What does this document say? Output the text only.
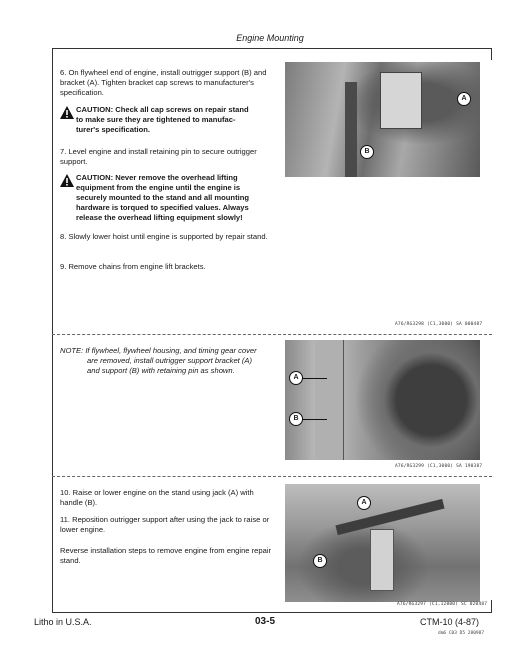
Engine Mounting

6. On flywheel end of engine, install outrigger support (B) and bracket (A). Tighten bracket cap screws to manufacturer's specification.

CAUTION: Check all cap screws on repair stand
to make sure they are tightened to manufac-
turer's specification.

7. Level engine and install retaining pin to secure outrigger support.

CAUTION: Never remove the overhead lifting
equipment from the engine until the engine is
securely mounted to the stand and all mounting
hardware is torqued to specified values. Always
release the overhead lifting equipment slowly!

8. Slowly lower hoist until engine is supported by repair stand.

9. Remove chains from engine lift brackets.

A
B
A76/RG3298 (C1,3000) SA 000487
NOTE: If flywheel, flywheel housing, and timing gear cover
are removed, install outrigger support bracket (A)
and support (B) with retaining pin as shown.
A
B
A76/RG3299 (C1,3000) SA 190387

10. Raise or lower engine on the stand using jack (A) with handle (B).

11. Reposition outrigger support after using the jack to raise or lower engine.

Reverse installation steps to remove engine from engine repair stand.

A
B
A76/RG3297 (C1,12000) SC 020487
Litho in U.S.A.	03-5	CTM-10 (4-87)
dm6 C03 D5 280987
